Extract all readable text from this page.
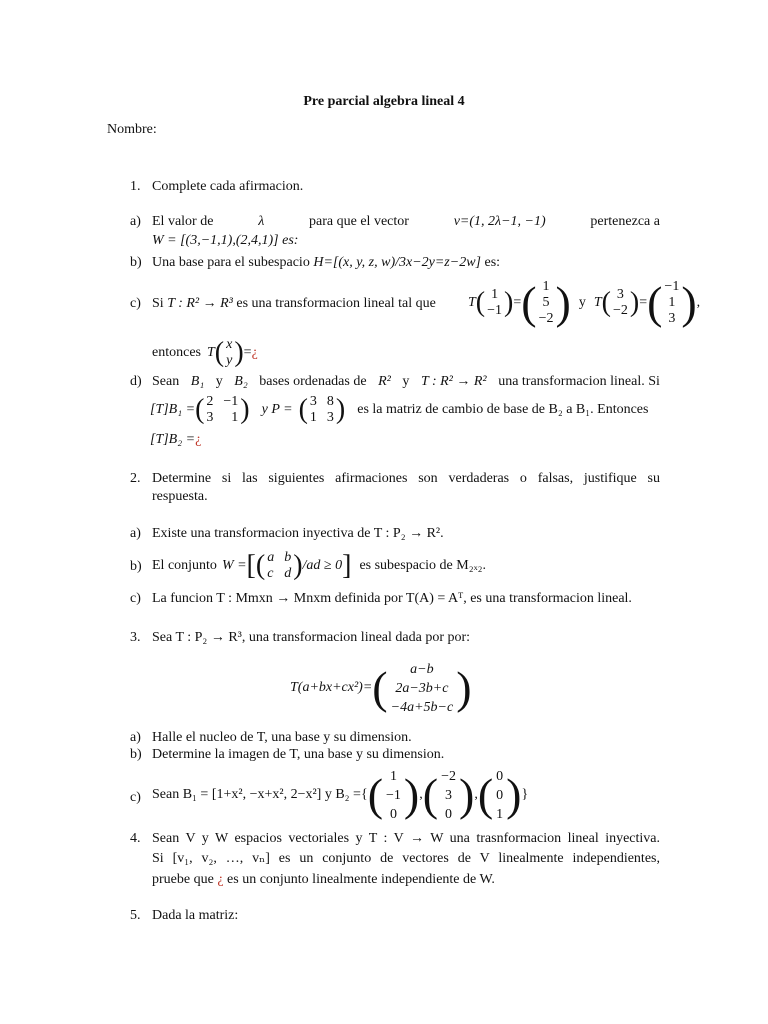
Pre parcial algebra lineal 4
Nombre:
1. Complete cada afirmacion.
a) El valor de	λ	para que el vector	v=(1, 2λ−1, −1)	pertenezca a
W = [(3,−1,1),(2,4,1)] es:
b) Una base para el subespacio H=[(x, y, z, w)/3x−2y=z−2w] es:
c) Si T : R² → R³ es una transformacion lineal tal que T ( 1
−1 ) = ( 1
5
−2 ) y T ( 3
−2 ) = ( −1
1
3 ) ,
entonces T ( x
y ) = ¿
d) Sean B₁ y B₂ bases ordenadas de R² y T : R² → R² una transformacion lineal. Si
[T]B₁ = ( 2 −1
3 1 ) y P = ( 3 8
1 3 ) es la matriz de cambio de base de B₂ a B₁. Entonces
[T]B₂ =¿
2. Determine si las siguientes afirmaciones son verdaderas o falsas, justifique su
respuesta.
a) Existe una transformacion inyectiva de T : P₂ → R².
b) El conjunto W = [ ( a b
c d ) /ad ≥ 0 ] es subespacio de M₂ₓ₂.
c) La funcion T : Mmxn → Mnxm definida por T(A) = Aᵀ, es una transformacion lineal.
3. Sea T : P₂ → R³, una transformacion lineal dada por por:
T(a+bx+cx²)= ( a−b
2a−3b+c
−4a+5b−c )
a) Halle el nucleo de T, una base y su dimension.
b) Determine la imagen de T, una base y su dimension.
c) Sean B₁ = [1+x², −x+x², 2−x²] y B₂ = { ( 1
−1
0 ) , ( −2
3
0 ) , ( 0
0
1 ) }
4. Sean V y W espacios vectoriales y T : V → W una trasnformacion lineal inyectiva.
Si [v₁, v₂, …, vₙ] es un conjunto de vectores de V linealmente independientes,
pruebe que ¿ es un conjunto linealmente independiente de W.
5. Dada la matriz:
